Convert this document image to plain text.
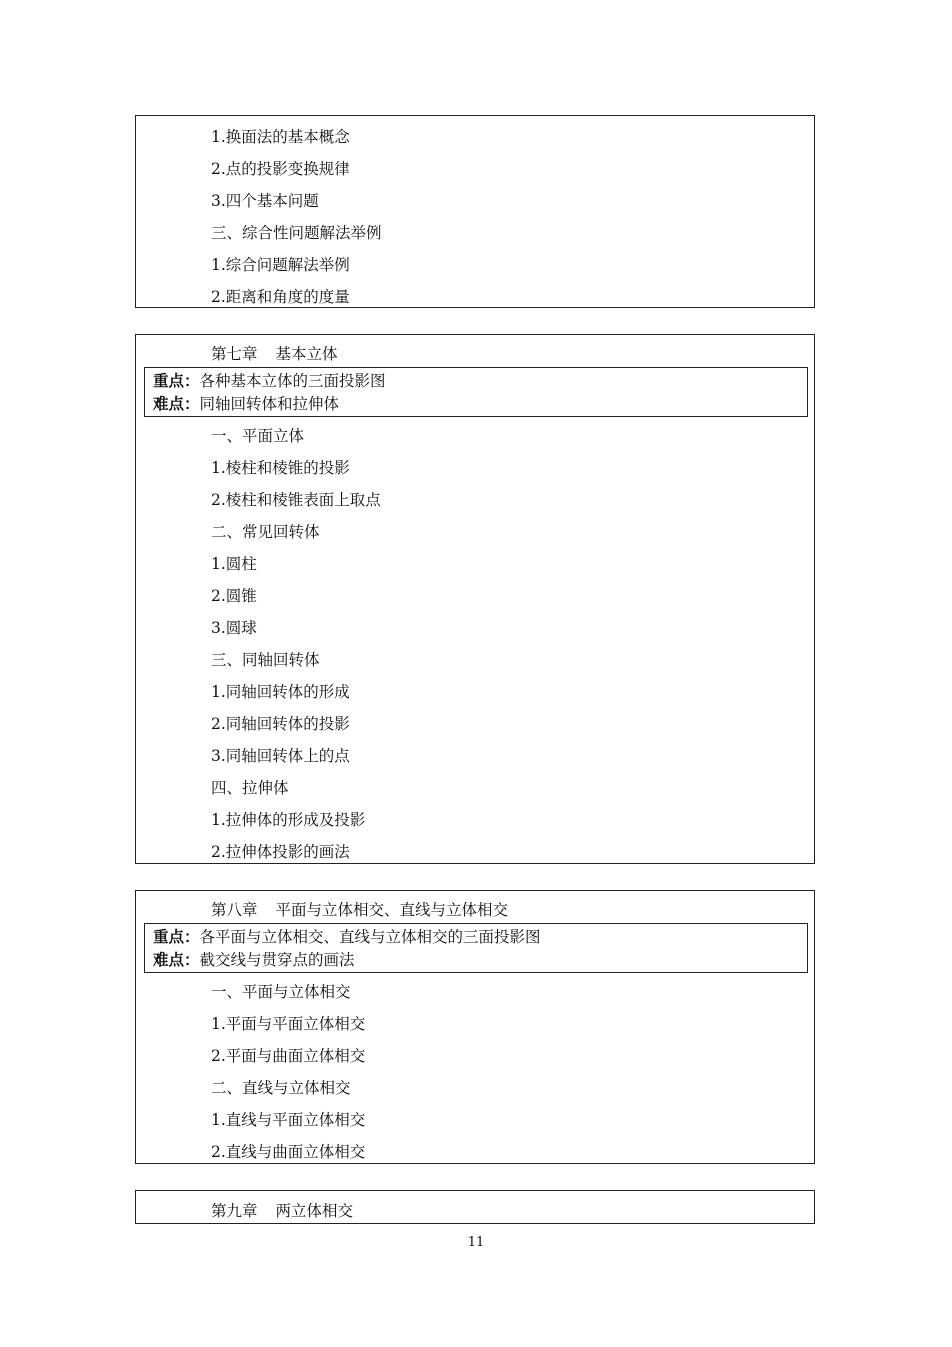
1.换面法的基本概念
2.点的投影变换规律
3.四个基本问题
三、综合性问题解法举例
1.综合问题解法举例
2.距离和角度的度量
第七章 基本立体
重点：各种基本立体的三面投影图
难点：同轴回转体和拉伸体
一、平面立体
1.棱柱和棱锥的投影
2.棱柱和棱锥表面上取点
二、常见回转体
1.圆柱
2.圆锥
3.圆球
三、同轴回转体
1.同轴回转体的形成
2.同轴回转体的投影
3.同轴回转体上的点
四、拉伸体
1.拉伸体的形成及投影
2.拉伸体投影的画法
第八章 平面与立体相交、直线与立体相交
重点：各平面与立体相交、直线与立体相交的三面投影图
难点：截交线与贯穿点的画法
一、平面与立体相交
1.平面与平面立体相交
2.平面与曲面立体相交
二、直线与立体相交
1.直线与平面立体相交
2.直线与曲面立体相交
第九章 两立体相交
11
